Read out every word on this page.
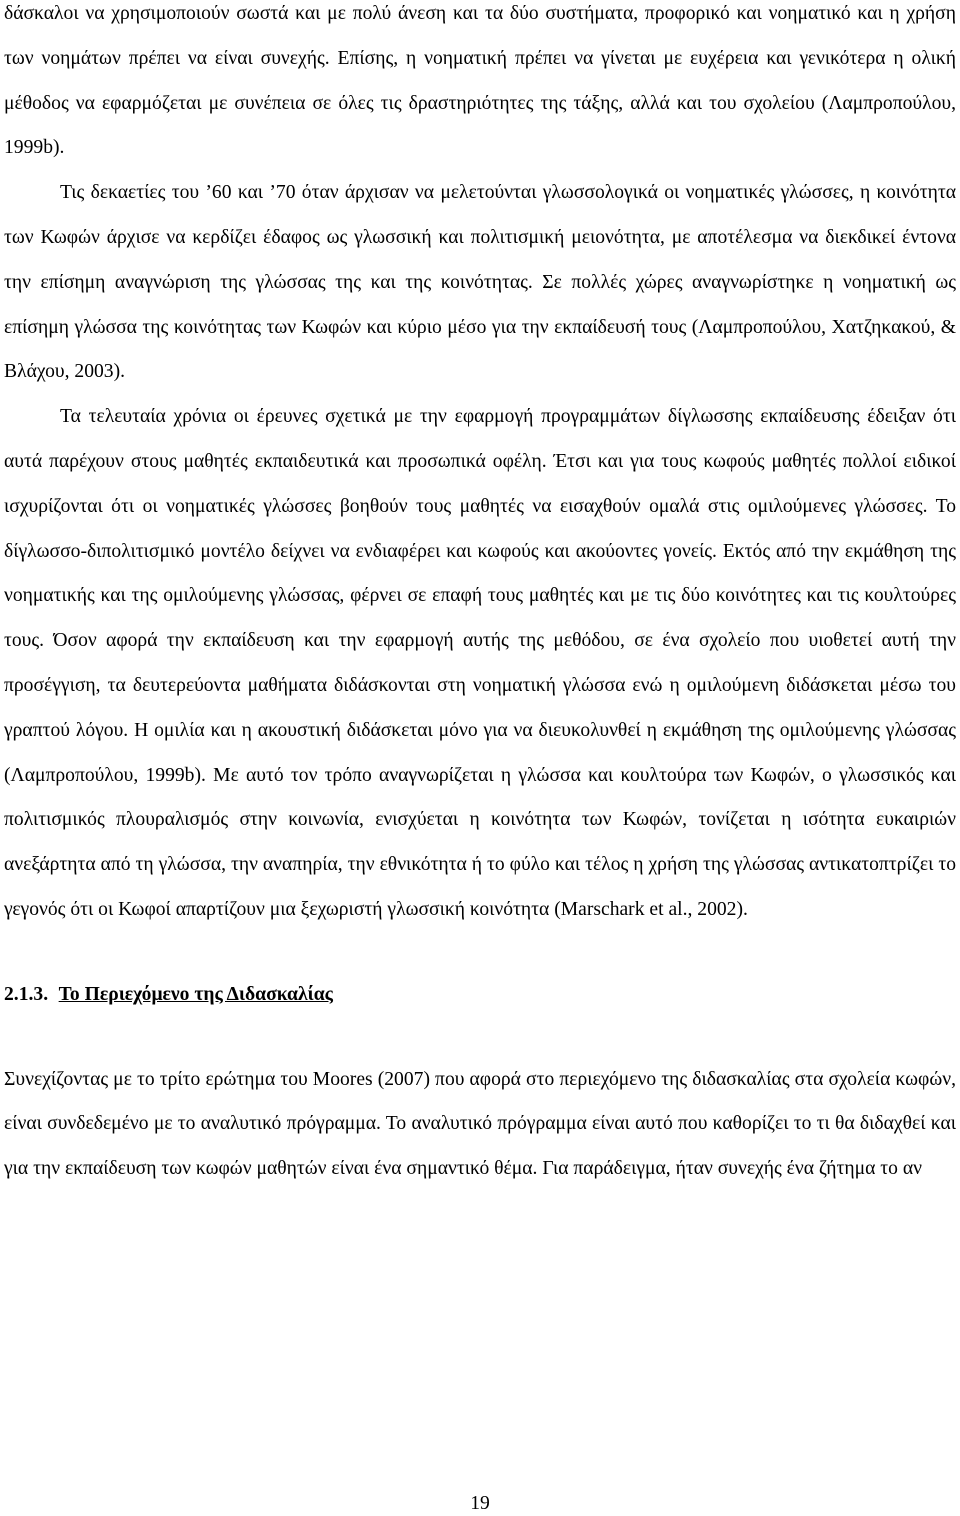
δάσκαλοι να χρησιμοποιούν σωστά και με πολύ άνεση και τα δύο συστήματα, προφορικό και νοηματικό και η χρήση των νοημάτων πρέπει να είναι συνεχής. Επίσης, η νοηματική πρέπει να γίνεται με ευχέρεια και γενικότερα η ολική μέθοδος να εφαρμόζεται με συνέπεια σε όλες τις δραστηριότητες της τάξης, αλλά και του σχολείου (Λαμπροπούλου, 1999b).

Τις δεκαετίες του ’60 και ’70 όταν άρχισαν να μελετούνται γλωσσολογικά οι νοηματικές γλώσσες, η κοινότητα των Κωφών άρχισε να κερδίζει έδαφος ως γλωσσική και πολιτισμική μειονότητα, με αποτέλεσμα να διεκδικεί έντονα την επίσημη αναγνώριση της γλώσσας της και της κοινότητας. Σε πολλές χώρες αναγνωρίστηκε η νοηματική ως επίσημη γλώσσα της κοινότητας των Κωφών και κύριο μέσο για την εκπαίδευσή τους (Λαμπροπούλου, Χατζηκακού, & Βλάχου, 2003).

Τα τελευταία χρόνια οι έρευνες σχετικά με την εφαρμογή προγραμμάτων δίγλωσσης εκπαίδευσης έδειξαν ότι αυτά παρέχουν στους μαθητές εκπαιδευτικά και προσωπικά οφέλη. Έτσι και για τους κωφούς μαθητές πολλοί ειδικοί ισχυρίζονται ότι οι νοηματικές γλώσσες βοηθούν τους μαθητές να εισαχθούν ομαλά στις ομιλούμενες γλώσσες. Το δίγλωσσο-διπολιτισμικό μοντέλο δείχνει να ενδιαφέρει και κωφούς και ακούοντες γονείς. Εκτός από την εκμάθηση της νοηματικής και της ομιλούμενης γλώσσας, φέρνει σε επαφή τους μαθητές και με τις δύο κοινότητες και τις κουλτούρες τους. Όσον αφορά την εκπαίδευση και την εφαρμογή αυτής της μεθόδου, σε ένα σχολείο που υιοθετεί αυτή την προσέγγιση, τα δευτερεύοντα μαθήματα διδάσκονται στη νοηματική γλώσσα ενώ η ομιλούμενη διδάσκεται μέσω του γραπτού λόγου. Η ομιλία και η ακουστική διδάσκεται μόνο για να διευκολυνθεί η εκμάθηση της ομιλούμενης γλώσσας (Λαμπροπούλου, 1999b). Με αυτό τον τρόπο αναγνωρίζεται η γλώσσα και κουλτούρα των Κωφών, ο γλωσσικός και πολιτισμικός πλουραλισμός στην κοινωνία, ενισχύεται η κοινότητα των Κωφών, τονίζεται η ισότητα ευκαιριών ανεξάρτητα από τη γλώσσα, την αναπηρία, την εθνικότητα ή το φύλο και τέλος η χρήση της γλώσσας αντικατοπτρίζει το γεγονός ότι οι Κωφοί απαρτίζουν μια ξεχωριστή γλωσσική κοινότητα (Marschark et al., 2002).

2.1.3. Το Περιεχόμενο της Διδασκαλίας

Συνεχίζοντας με το τρίτο ερώτημα του Moores (2007) που αφορά στο περιεχόμενο της διδασκαλίας στα σχολεία κωφών, είναι συνδεδεμένο με το αναλυτικό πρόγραμμα. Το αναλυτικό πρόγραμμα είναι αυτό που καθορίζει το τι θα διδαχθεί και για την εκπαίδευση των κωφών μαθητών είναι ένα σημαντικό θέμα. Για παράδειγμα, ήταν συνεχής ένα ζήτημα το αν

19
